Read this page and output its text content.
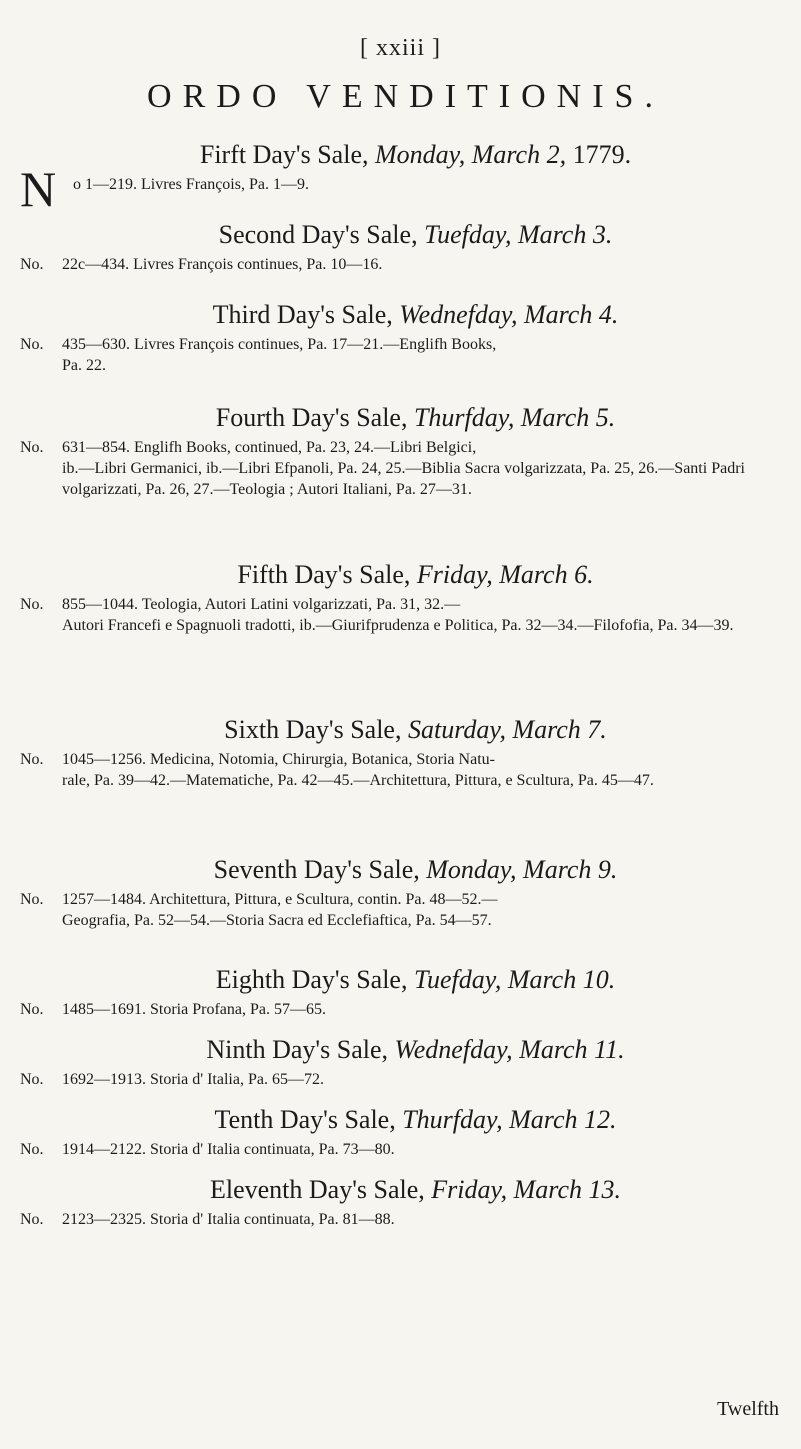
[ xxiii ]
ORDO VENDITIONIS.
Firft Day's Sale, Monday, March 2, 1779.
N o 1—219. Livres François, Pa. 1—9.
Second Day's Sale, Tuefday, March 3.
No. 22c—434. Livres François continues, Pa. 10—16.
Third Day's Sale, Wednefday, March 4.
No. 435—630. Livres François continues, Pa. 17—21.—Englifh Books,
Pa. 22.
Fourth Day's Sale, Thurfday, March 5.
No. 631—854. Englifh Books, continued, Pa. 23, 24.—Libri Belgici,
ib.—Libri Germanici, ib.—Libri Efpanoli, Pa. 24, 25.—Biblia Sacra volgarizzata, Pa. 25, 26.—Santi Padri volgarizzati, Pa. 26, 27.—Teologia ; Autori Italiani, Pa. 27—31.
Fifth Day's Sale, Friday, March 6.
No. 855—1044. Teologia, Autori Latini volgarizzati, Pa. 31, 32.—
Autori Francefi e Spagnuoli tradotti, ib.—Giurifprudenza e Politica, Pa. 32—34.—Filofofia, Pa. 34—39.
Sixth Day's Sale, Saturday, March 7.
No. 1045—1256. Medicina, Notomia, Chirurgia, Botanica, Storia Natu-
rale, Pa. 39—42.—Matematiche, Pa. 42—45.—Architettura, Pittura, e Scultura, Pa. 45—47.
Seventh Day's Sale, Monday, March 9.
No. 1257—1484. Architettura, Pittura, e Scultura, contin. Pa. 48—52.—
Geografia, Pa. 52—54.—Storia Sacra ed Ecclefiaftica, Pa. 54—57.
Eighth Day's Sale, Tuefday, March 10.
No. 1485—1691. Storia Profana, Pa. 57—65.
Ninth Day's Sale, Wednefday, March 11.
No. 1692—1913. Storia d' Italia, Pa. 65—72.
Tenth Day's Sale, Thurfday, March 12.
No. 1914—2122. Storia d' Italia continuata, Pa. 73—80.
Eleventh Day's Sale, Friday, March 13.
No. 2123—2325. Storia d' Italia continuata, Pa. 81—88.
Twelfth
